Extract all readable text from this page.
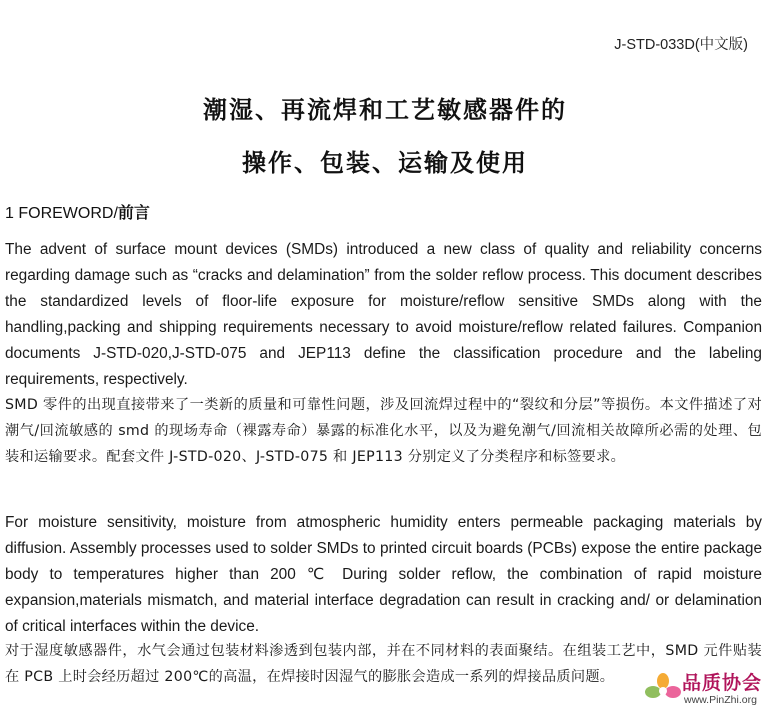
J-STD-033D(中文版)
潮湿、再流焊和工艺敏感器件的
操作、包装、运输及使用
1 FOREWORD/前言
The advent of surface mount devices (SMDs) introduced a new class of quality and reliability concerns regarding damage such as “cracks and delamination” from the solder reflow process. This document describes the standardized levels of floor-life exposure for moisture/reflow sensitive SMDs along with the handling,packing and shipping requirements necessary to avoid moisture/reflow related failures. Companion documents J-STD-020,J-STD-075 and JEP113 define the classification procedure and the labeling requirements, respectively.
SMD 零件的出现直接带来了一类新的质量和可靠性问题，涉及回流焊过程中的“裂纹和分层”等损伤。本文件描述了对潮气/回流敏感的 smd 的现场寿命（裸露寿命）暴露的标准化水平，以及为避免潮气/回流相关故障所必需的处理、包装和运输要求。配套文件 J-STD-020、J-STD-075 和 JEP113 分别定义了分类程序和标签要求。
For moisture sensitivity, moisture from atmospheric humidity enters permeable packaging materials by diffusion. Assembly processes used to solder SMDs to printed circuit boards (PCBs) expose the entire package body to temperatures higher than 200 ℃ During solder reflow, the combination of rapid moisture expansion,materials mismatch, and material interface degradation can result in cracking and/ or delamination of critical interfaces within the device.
对于湿度敏感器件，水气会通过包装材料渗透到包装内部，并在不同材料的表面聚结。在组装工艺中，SMD 元件贴装在 PCB 上时会经历超过 200℃的高温，在焊接时因湿气的膨胀会造成一系列的焊接品质问题。	品质协会
www.PinZhi.org
